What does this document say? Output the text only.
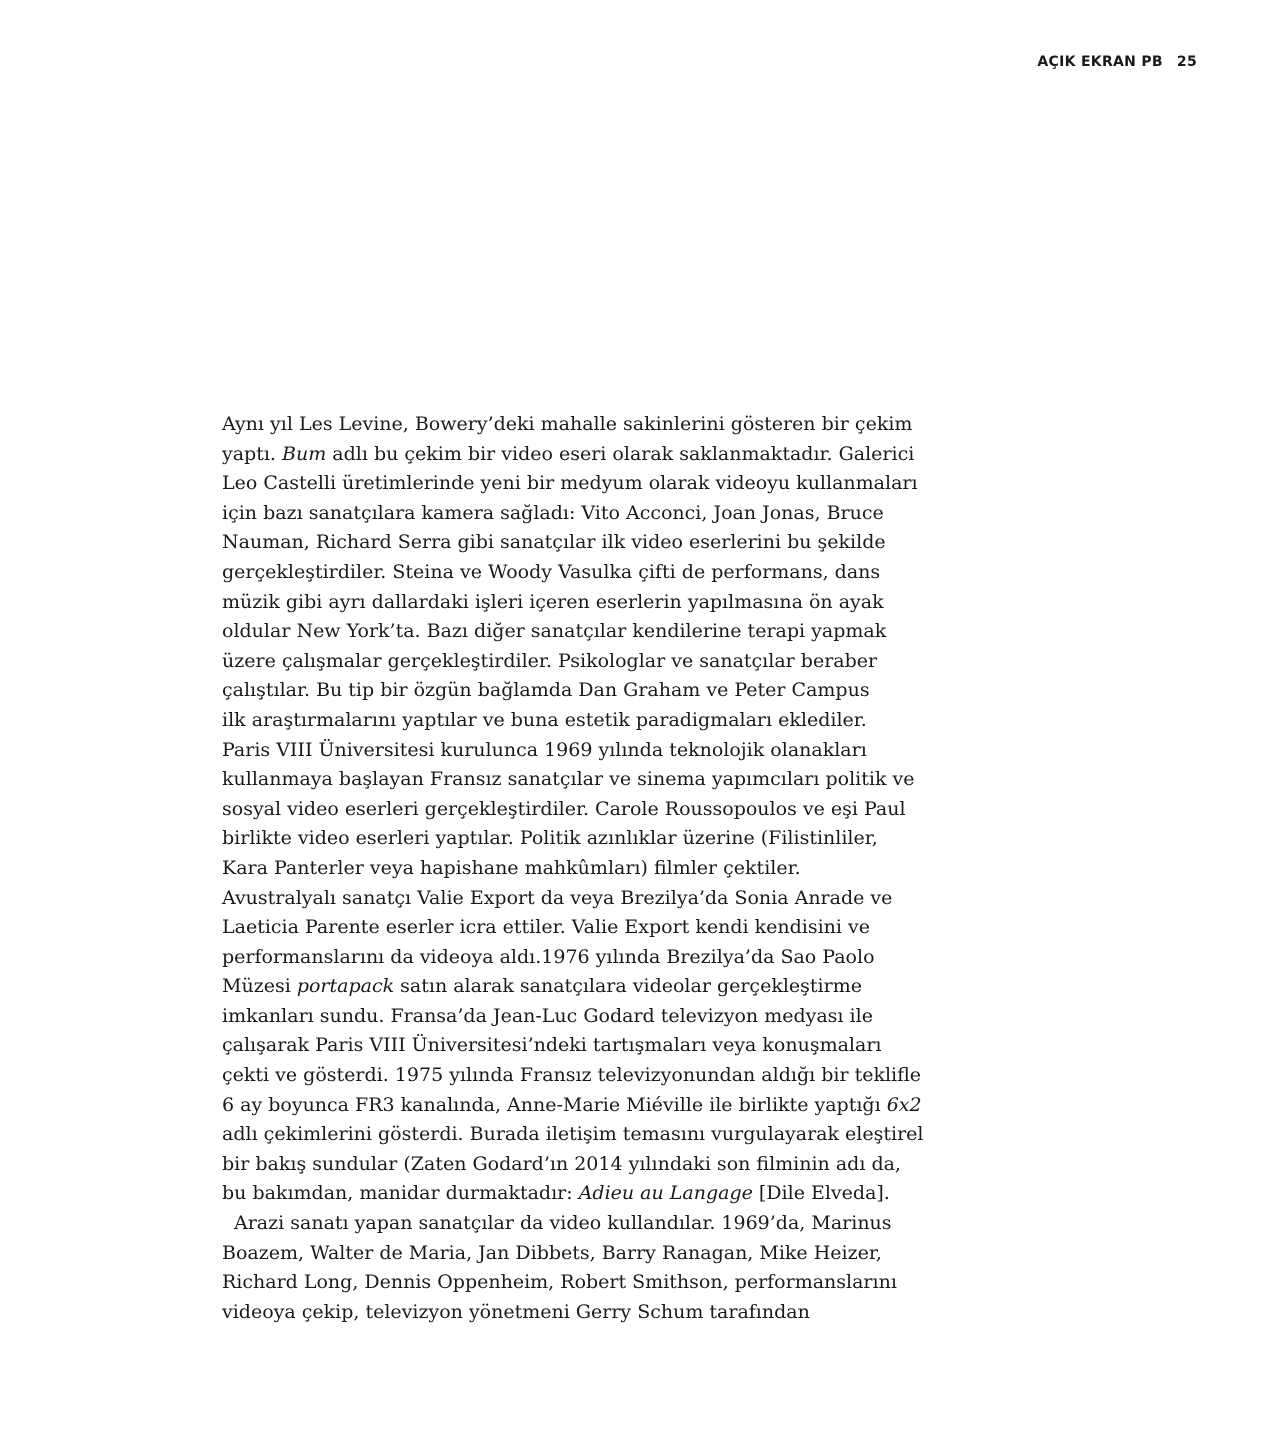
AÇIK EKRAN PB 25
Aynı yıl Les Levine, Bowery’deki mahalle sakinlerini gösteren bir çekim
yaptı. Bum adlı bu çekim bir video eseri olarak saklanmaktadır. Galerici
Leo Castelli üretimlerinde yeni bir medyum olarak videoyu kullanmaları
için bazı sanatçılara kamera sağladı: Vito Acconci, Joan Jonas, Bruce
Nauman, Richard Serra gibi sanatçılar ilk video eserlerini bu şekilde
gerçekleştirdiler. Steina ve Woody Vasulka çifti de performans, dans
müzik gibi ayrı dallardaki işleri içeren eserlerin yapılmasına ön ayak
oldular New York’ta. Bazı diğer sanatçılar kendilerine terapi yapmak
üzere çalışmalar gerçekleştirdiler. Psikologlar ve sanatçılar beraber
çalıştılar. Bu tip bir özgün bağlamda Dan Graham ve Peter Campus
ilk araştırmalarını yaptılar ve buna estetik paradigmaları eklediler.
Paris VIII Üniversitesi kurulunca 1969 yılında teknolojik olanakları
kullanmaya başlayan Fransız sanatçılar ve sinema yapımcıları politik ve
sosyal video eserleri gerçekleştirdiler. Carole Roussopoulos ve eşi Paul
birlikte video eserleri yaptılar. Politik azınlıklar üzerine (Filistinliler,
Kara Panterler veya hapishane mahkûmları) filmler çektiler.
Avustralyalı sanatçı Valie Export da veya Brezilya’da Sonia Anrade ve
Laeticia Parente eserler icra ettiler. Valie Export kendi kendisini ve
performanslarını da videoya aldı.1976 yılında Brezilya’da Sao Paolo
Müzesi portapack satın alarak sanatçılara videolar gerçekleştirme
imkanları sundu. Fransa’da Jean-Luc Godard televizyon medyası ile
çalışarak Paris VIII Üniversitesi’ndeki tartışmaları veya konuşmaları
çekti ve gösterdi. 1975 yılında Fransız televizyonundan aldığı bir teklifle
6 ay boyunca FR3 kanalında, Anne-Marie Miéville ile birlikte yaptığı 6x2
adlı çekimlerini gösterdi. Burada iletişim temasını vurgulayarak eleştirel
bir bakış sundular (Zaten Godard’ın 2014 yılındaki son filminin adı da,
bu bakımdan, manidar durmaktadır: Adieu au Langage [Dile Elveda].
Arazi sanatı yapan sanatçılar da video kullandılar. 1969’da, Marinus
Boazem, Walter de Maria, Jan Dibbets, Barry Ranagan, Mike Heizer,
Richard Long, Dennis Oppenheim, Robert Smithson, performanslarını
videoya çekip, televizyon yönetmeni Gerry Schum tarafından
